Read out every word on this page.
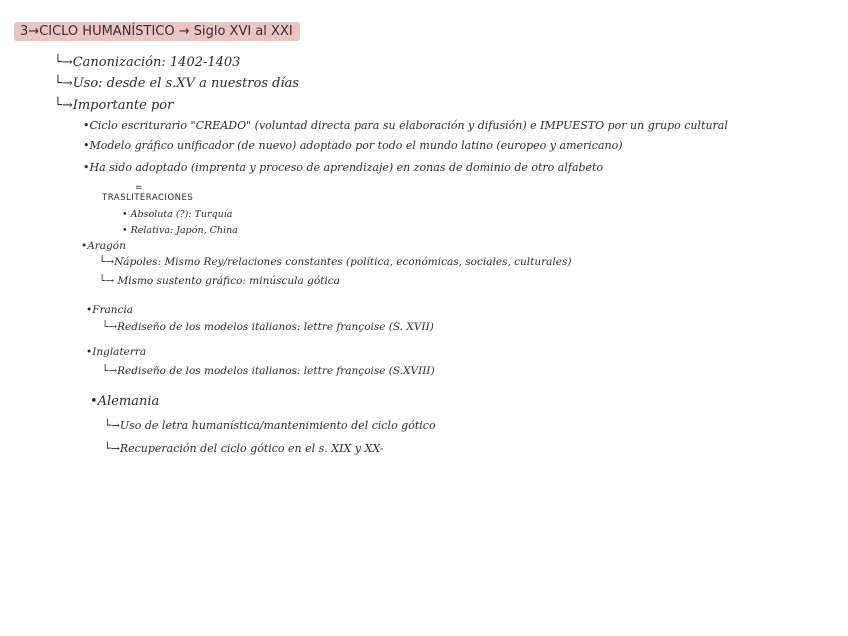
3→CICLO HUMANÍSTICO → Siglo XVI al XXI
└→Canonización: 1402-1403
└→Uso: desde el s.XV a nuestros días
└→Importante por
•Ciclo escriturario "CREADO" (voluntad directa para su elaboración y difusión) e IMPUESTO por un grupo cultural
•Modelo gráfico unificador (de nuevo) adoptado por todo el mundo latino (europeo y americano)
•Ha sido adoptado (imprenta y proceso de aprendizaje) en zonas de dominio de otro alfabeto
=
TRASLITERACIONES
• Absoluta (?): Turquía
• Relativa: Japón, China
•Aragón
└→Nápoles: Mismo Rey/relaciones constantes (política, económicas, sociales, culturales)
└→ Mismo sustento gráfico: minúscula gótica
•Francia
└→Rediseño de los modelos italianos: lettre françoise (S. XVII)
•Inglaterra
└→Rediseño de los modelos italianos: lettre françoise (S.XVIII)
•Alemania
└→Uso de letra humanística/mantenimiento del ciclo gótico
└→Recuperación del ciclo gótico en el s. XIX y XX-
